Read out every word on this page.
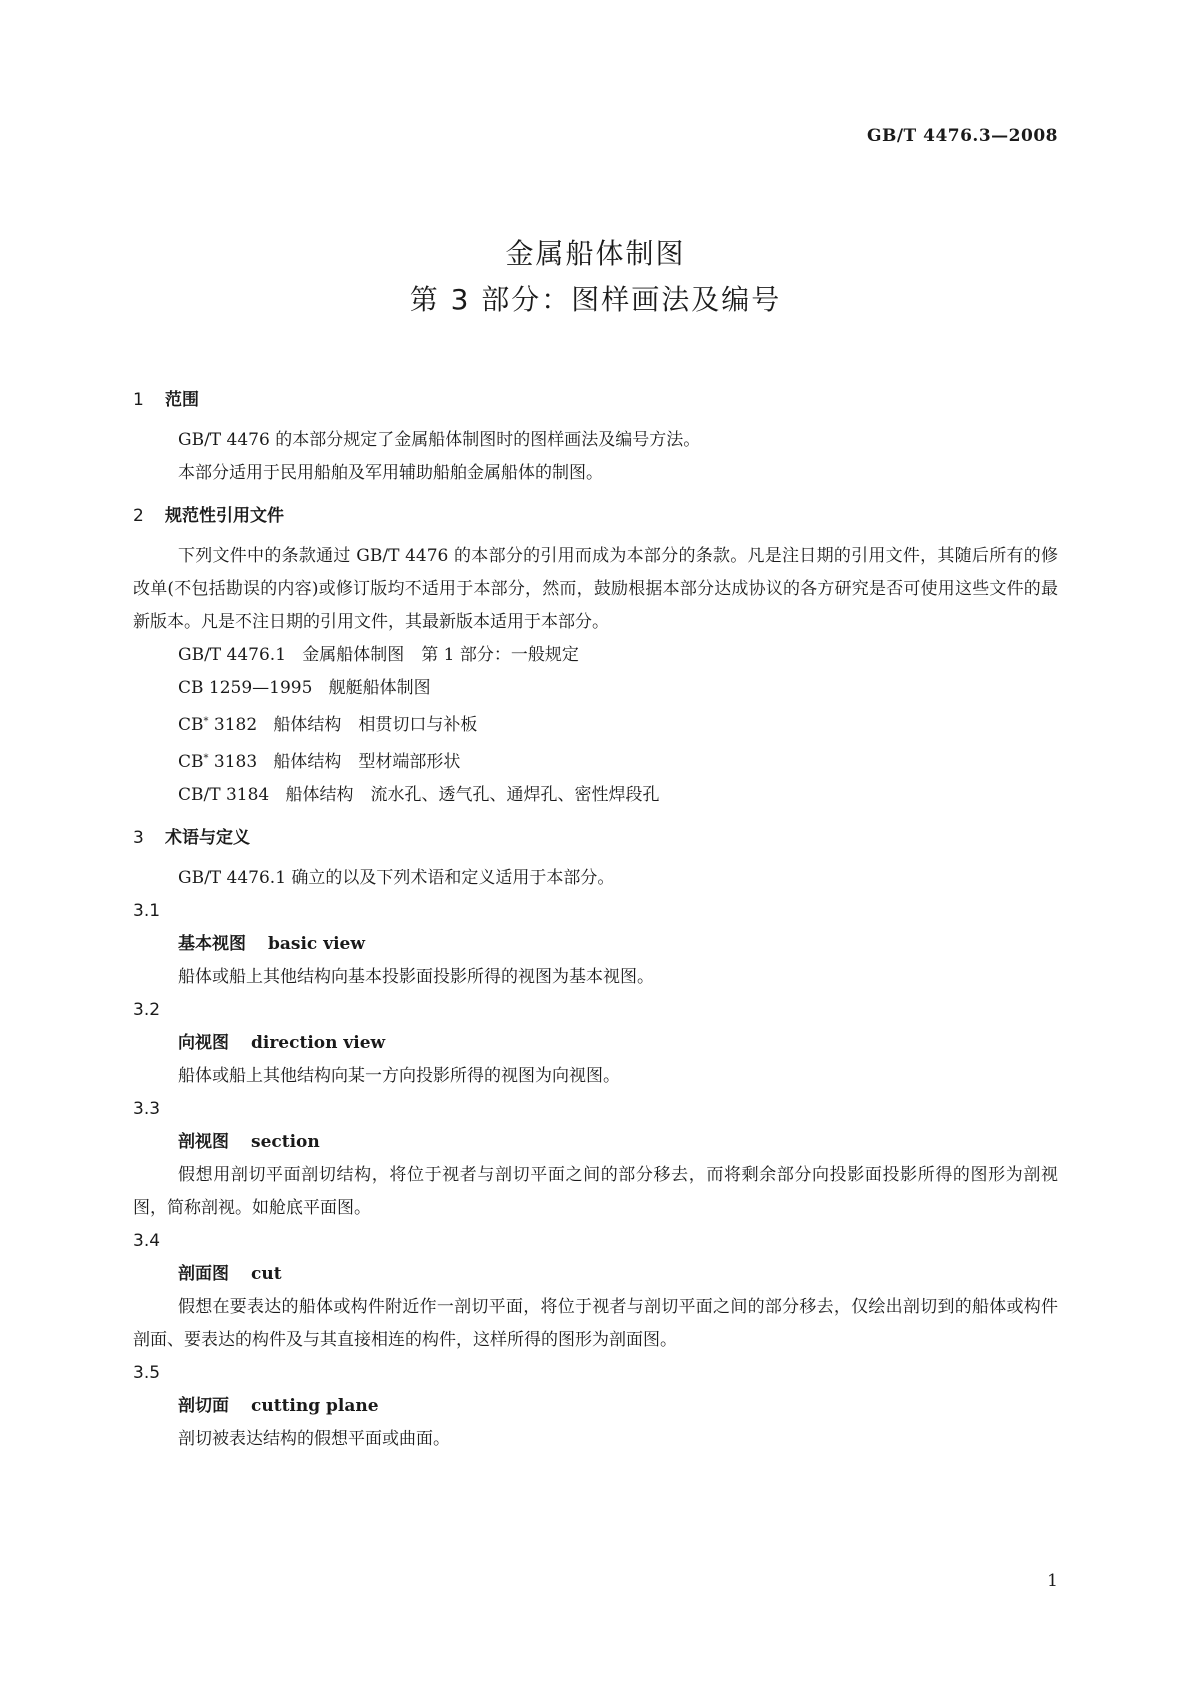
GB/T 4476.3—2008
金属船体制图
第 3 部分：图样画法及编号
1	范围
GB/T 4476 的本部分规定了金属船体制图时的图样画法及编号方法。
本部分适用于民用船舶及军用辅助船舶金属船体的制图。
2	规范性引用文件
下列文件中的条款通过 GB/T 4476 的本部分的引用而成为本部分的条款。凡是注日期的引用文件，其随后所有的修改单(不包括勘误的内容)或修订版均不适用于本部分，然而，鼓励根据本部分达成协议的各方研究是否可使用这些文件的最新版本。凡是不注日期的引用文件，其最新版本适用于本部分。
GB/T 4476.1 金属船体制图　第 1 部分：一般规定
CB 1259—1995 舰艇船体制图
CB* 3182 船体结构　相贯切口与补板
CB* 3183 船体结构　型材端部形状
CB/T 3184 船体结构　流水孔、透气孔、通焊孔、密性焊段孔
3	术语与定义
GB/T 4476.1 确立的以及下列术语和定义适用于本部分。
3.1
基本视图 basic view
船体或船上其他结构向基本投影面投影所得的视图为基本视图。
3.2
向视图 direction view
船体或船上其他结构向某一方向投影所得的视图为向视图。
3.3
剖视图 section
假想用剖切平面剖切结构，将位于视者与剖切平面之间的部分移去，而将剩余部分向投影面投影所得的图形为剖视图，简称剖视。如舱底平面图。
3.4
剖面图 cut
假想在要表达的船体或构件附近作一剖切平面，将位于视者与剖切平面之间的部分移去，仅绘出剖切到的船体或构件剖面、要表达的构件及与其直接相连的构件，这样所得的图形为剖面图。
3.5
剖切面 cutting plane
剖切被表达结构的假想平面或曲面。
1
